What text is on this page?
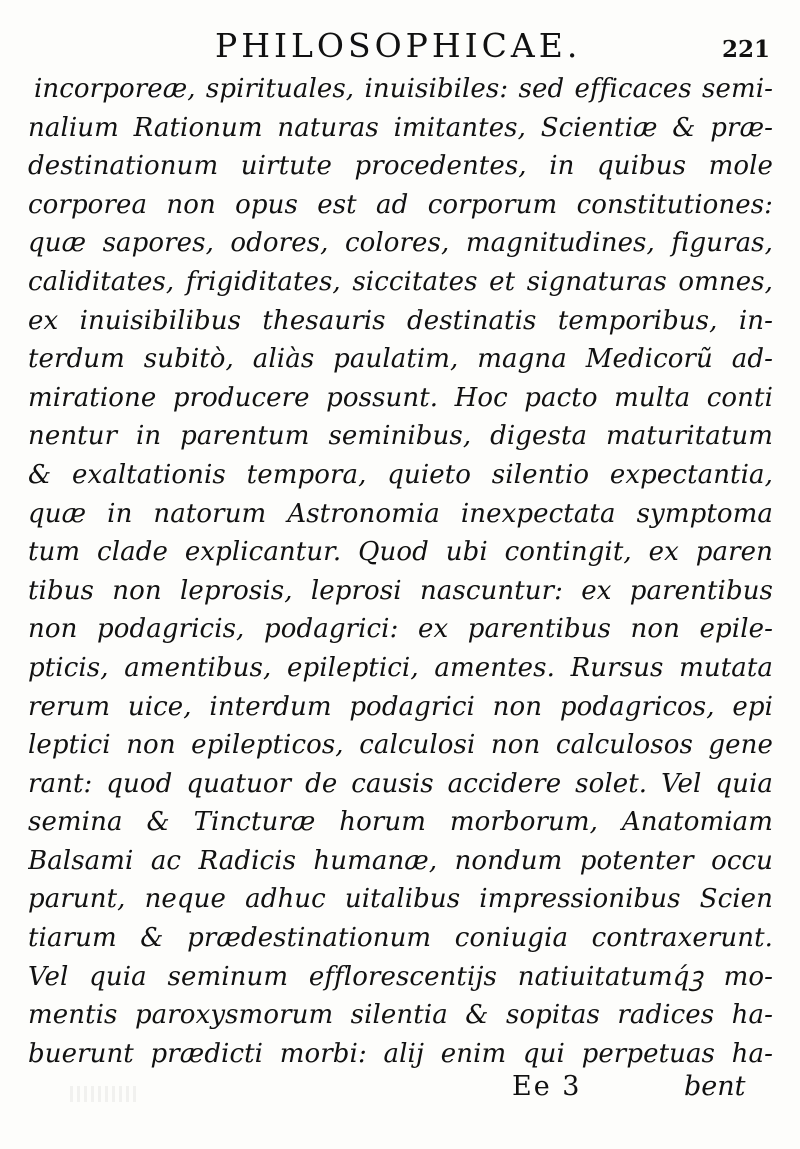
PHILOSOPHICAE.	221
incorporeæ, spirituales, inuisibiles: sed efficaces semi-
nalium Rationum naturas imitantes, Scientiæ & præ-
destinationum uirtute procedentes, in quibus mole
corporea non opus est ad corporum constitutiones:
quæ sapores, odores, colores, magnitudines, figuras,
caliditates, frigiditates, siccitates et signaturas omnes,
ex inuisibilibus thesauris destinatis temporibus, in-
terdum subitò, aliàs paulatim, magna Medicorũ ad-
miratione producere possunt. Hoc pacto multa conti
nentur in parentum seminibus, digesta maturitatum
& exaltationis tempora, quieto silentio expectantia,
quæ in natorum Astronomia inexpectata symptoma
tum clade explicantur. Quod ubi contingit, ex paren
tibus non leprosis, leprosi nascuntur: ex parentibus
non podagricis, podagrici: ex parentibus non epile-
pticis, amentibus, epileptici, amentes. Rursus mutata
rerum uice, interdum podagrici non podagricos, epi
leptici non epilepticos, calculosi non calculosos gene
rant: quod quatuor de causis accidere solet. Vel quia
semina & Tincturæ horum morborum, Anatomiam
Balsami ac Radicis humanæ, nondum potenter occu
parunt, neque adhuc uitalibus impressionibus Scien
tiarum & prædestinationum coniugia contraxerunt.
Vel quia seminum efflorescentijs natiuitatumq́ꝫ mo-
mentis paroxysmorum silentia & sopitas radices ha-
buerunt prædicti morbi: alij enim qui perpetuas ha-
Ee 3	bent
